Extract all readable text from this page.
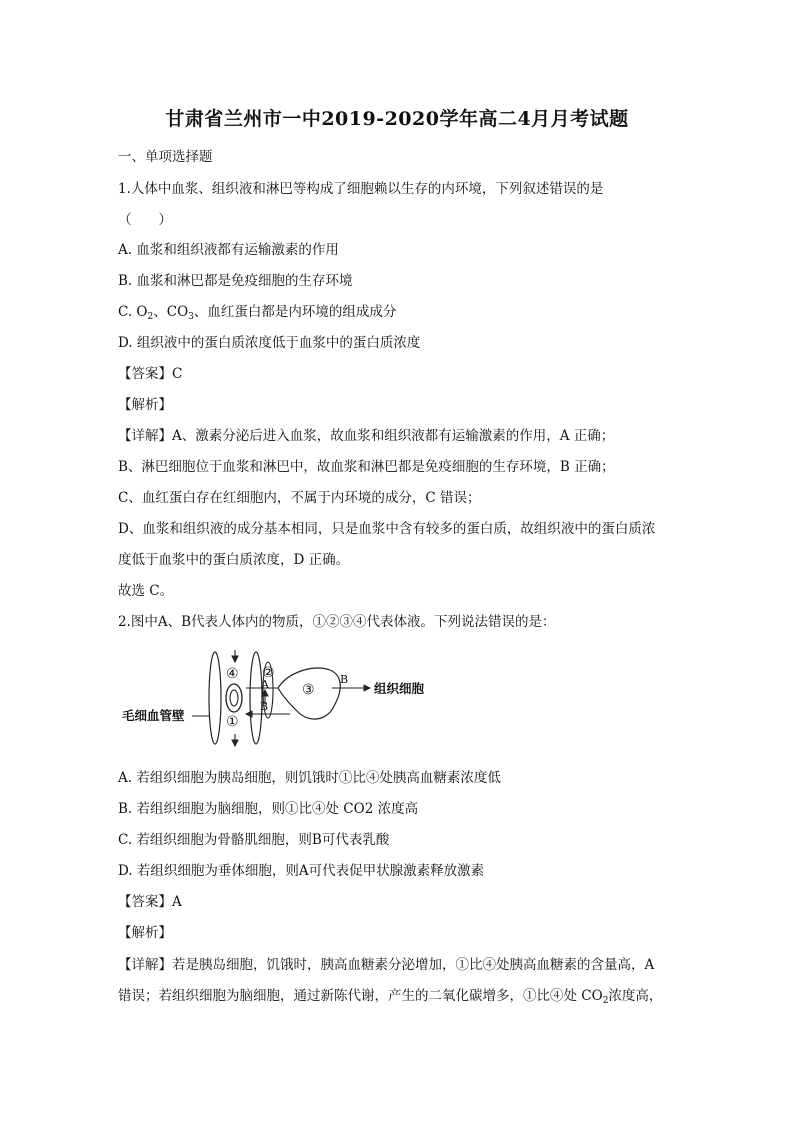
甘肃省兰州市一中2019-2020学年高二4月月考试题
一、单项选择题
1.人体中血浆、组织液和淋巴等构成了细胞赖以生存的内环境，下列叙述错误的是
（　　）
A. 血浆和组织液都有运输激素的作用
B. 血浆和淋巴都是免疫细胞的生存环境
C. $O_2$、$CO_3$、血红蛋白都是内环境的组成成分
D. 组织液中的蛋白质浓度低于血浆中的蛋白质浓度
【答案】C
【解析】
【详解】A、激素分泌后进入血浆，故血浆和组织液都有运输激素的作用，A 正确；
B、淋巴细胞位于血浆和淋巴中，故血浆和淋巴都是免疫细胞的生存环境，B 正确；
C、血红蛋白存在红细胞内，不属于内环境的成分，C 错误；
D、血浆和组织液的成分基本相同，只是血浆中含有较多的蛋白质，故组织液中的蛋白质浓
度低于血浆中的蛋白质浓度，D 正确。
故选 C。
2.图中A、B代表人体内的物质，①②③④代表体液。下列说法错误的是：
④ ②
①
A
B
③
B
组织细胞
毛细血管壁
A. 若组织细胞为胰岛细胞，则饥饿时①比④处胰高血糖素浓度低
B. 若组织细胞为脑细胞，则①比④处 CO2 浓度高
C. 若组织细胞为骨骼肌细胞，则B可代表乳酸
D. 若组织细胞为垂体细胞，则A可代表促甲状腺激素释放激素
【答案】A
【解析】
【详解】若是胰岛细胞，饥饿时，胰高血糖素分泌增加，①比④处胰高血糖素的含量高，A
错误；若组织细胞为脑细胞，通过新陈代谢，产生的二氧化碳增多，①比④处 $CO_2$浓度高，
